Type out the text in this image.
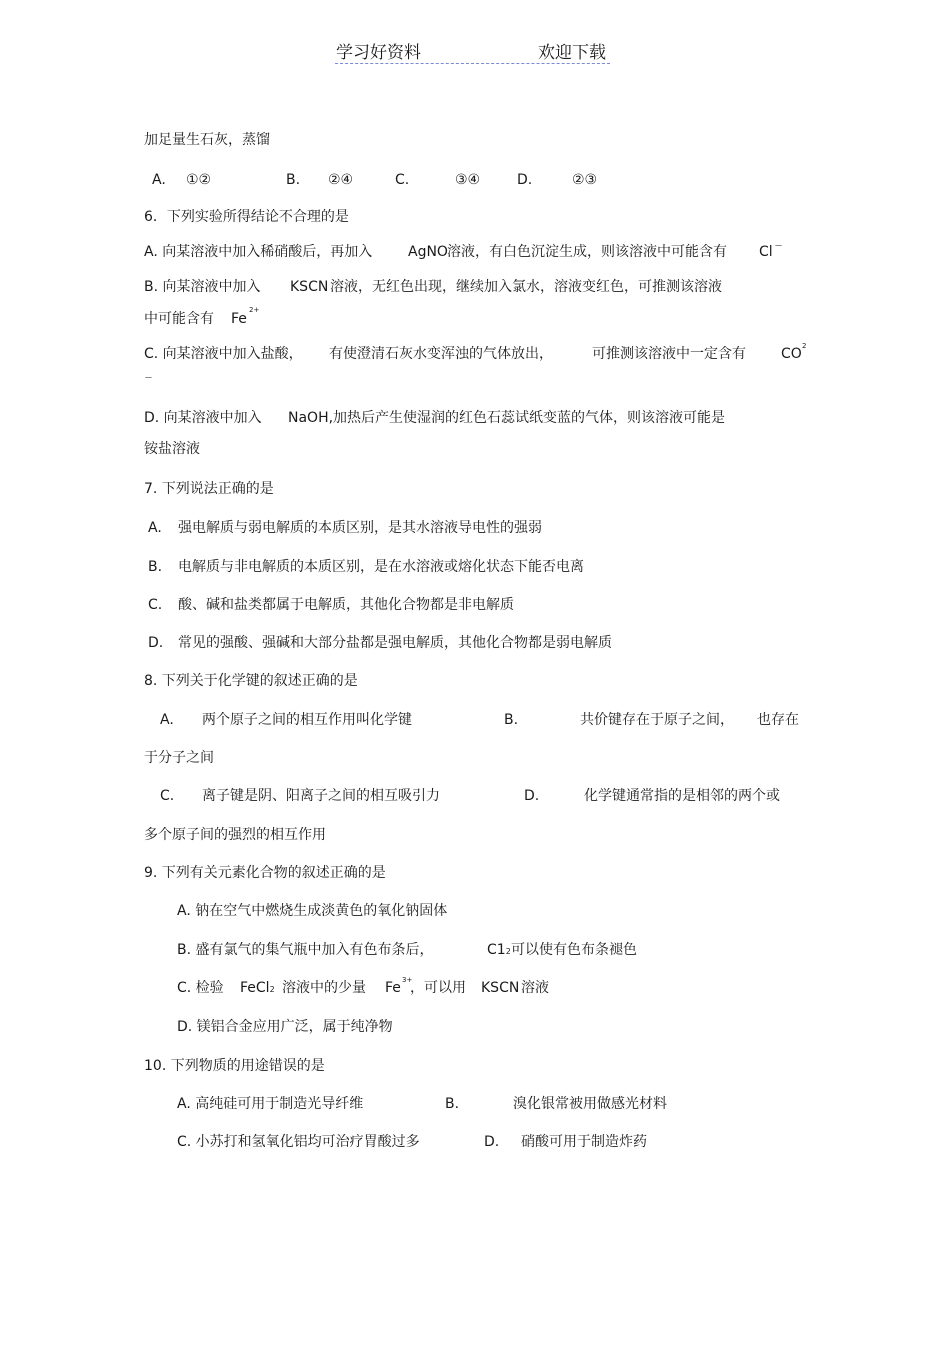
学习好资料	欢迎下载
加足量生石灰，蒸馏
A. ①②	B. ②④	C.	③④	D.	②③
6．下列实验所得结论不合理的是
A. 向某溶液中加入稀硝酸后，再加入	AgNO 溶液，有白色沉淀生成，则该溶液中可能含有 Cl —
B. 向某溶液中加入 KSCN 溶液，无红色出现，继续加入氯水，溶液变红色，可推测该溶液
中可能含有 Fe
2+
C. 向某溶液中加入盐酸， 有使澄清石灰水变浑浊的气体放出，	可推测该溶液中一定含有	CO 2
—
D. 向某溶液中加入 NaOH, 加热后产生使湿润的红色石蕊试纸变蓝的气体，则该溶液可能是
铵盐溶液
7. 下列说法正确的是
A. 强电解质与弱电解质的本质区别，是其水溶液导电性的强弱
B. 电解质与非电解质的本质区别，是在水溶液或熔化状态下能否电离
C. 酸、碱和盐类都属于电解质，其他化合物都是非电解质
D. 常见的强酸、强碱和大部分盐都是强电解质，其他化合物都是弱电解质
8. 下列关于化学键的叙述正确的是
A. 两个原子之间的相互作用叫化学键	B.	共价键存在于原子之间， 也存在
于分子之间
C. 离子键是阴、阳离子之间的相互吸引力	D.	化学键通常指的是相邻的两个或
多个原子间的强烈的相互作用
9. 下列有关元素化合物的叙述正确的是
A. 钠在空气中燃烧生成淡黄色的氧化钠固体
B. 盛有氯气的集气瓶中加入有色布条后，	C12 可以使有色布条褪色
C. 检验 FeCl2 溶液中的少量 Fe 3+
，可以用 KSCN 溶液
D. 镁铝合金应用广泛，属于纯净物
10. 下列物质的用途错误的是
A. 高纯硅可用于制造光导纤维	B.	溴化银常被用做感光材料
C. 小苏打和氢氧化铝均可治疗胃酸过多	D. 硝酸可用于制造炸药
